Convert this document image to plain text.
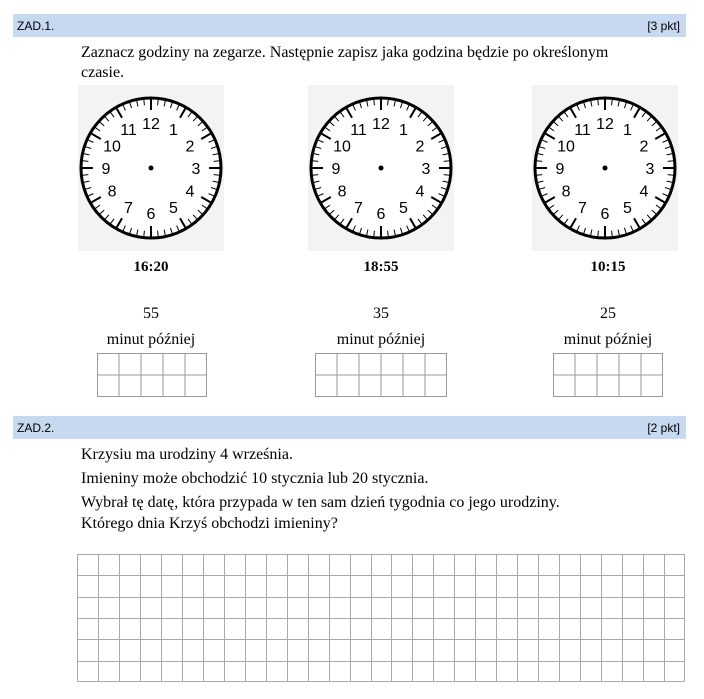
ZAD.1.	[3 pkt]
Zaznacz godziny na zegarze. Następnie zapisz jaka godzina będzie po określonym czasie.
12 1
2
3
4
5
6
7
8
9
10
11
16:20
55
minut później
12 1
2
3
4
5
6
7
8
9
10
11
18:55
35
minut później
12 1
2
3
4
5
6
7
8
9
10
11
10:15
25
minut później
ZAD.2.	[2 pkt]
Krzysiu ma urodziny 4 września.
Imieniny może obchodzić 10 stycznia lub 20 stycznia.
Wybrał tę datę, która przypada w ten sam dzień tygodnia co jego urodziny.
Którego dnia Krzyś obchodzi imieniny?
